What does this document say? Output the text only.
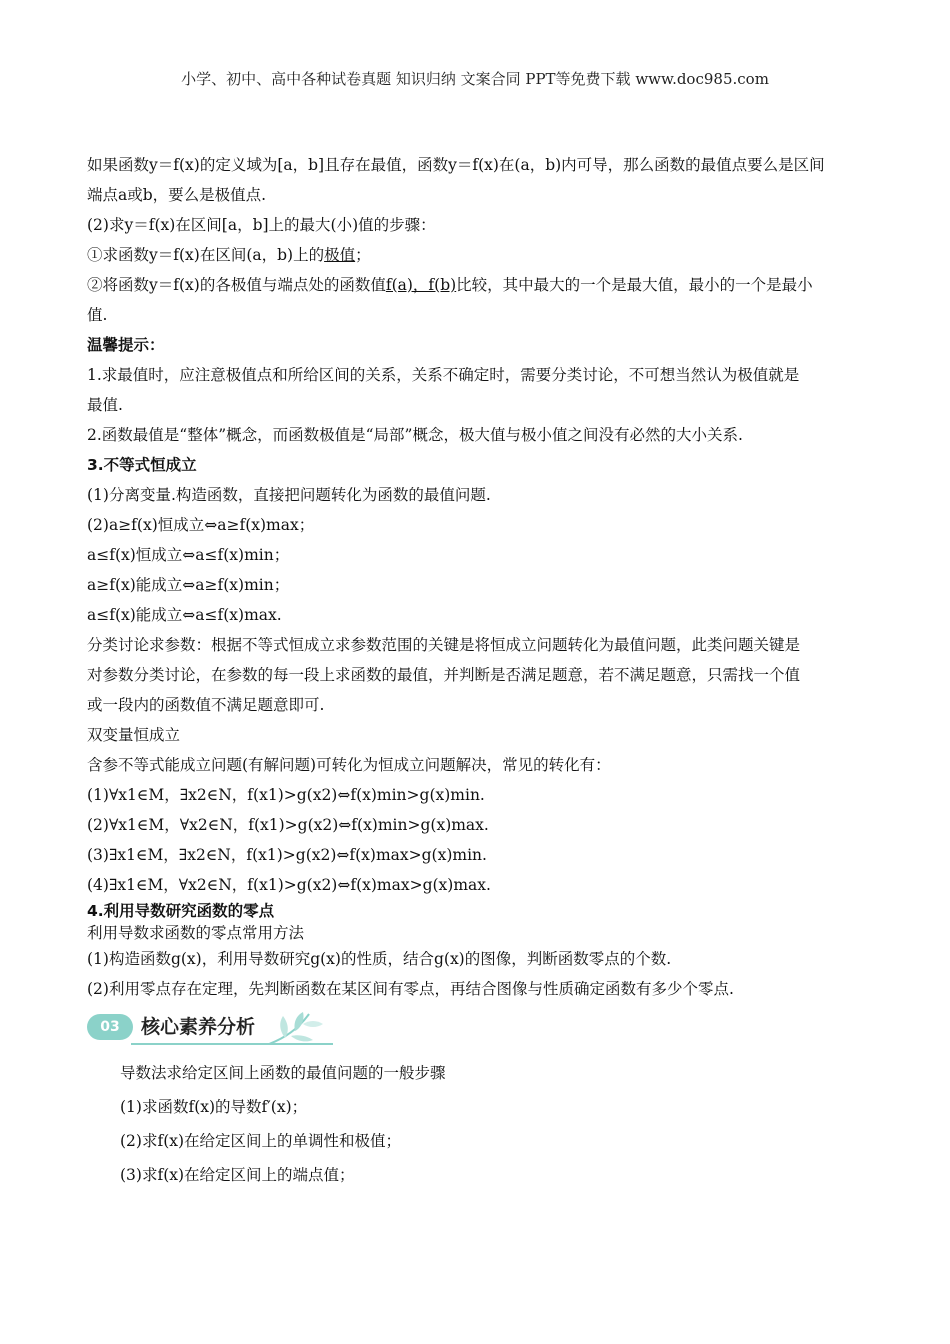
小学、初中、高中各种试卷真题 知识归纳 文案合同 PPT等免费下载 www.doc985.com

如果函数y＝f(x)的定义域为[a，b]且存在最值，函数y＝f(x)在(a，b)内可导，那么函数的最值点要么是区间

端点a或b，要么是极值点.

(2)求y＝f(x)在区间[a，b]上的最大(小)值的步骤：

①求函数y＝f(x)在区间(a，b)上的极值；

②将函数y＝f(x)的各极值与端点处的函数值f(a)，f(b)比较，其中最大的一个是最大值，最小的一个是最小

值.

温馨提示：

1.求最值时，应注意极值点和所给区间的关系，关系不确定时，需要分类讨论，不可想当然认为极值就是

最值.

2.函数最值是“整体”概念，而函数极值是“局部”概念，极大值与极小值之间没有必然的大小关系.

3.不等式恒成立

(1)分离变量.构造函数，直接把问题转化为函数的最值问题.

(2)a≥f(x)恒成立⇔a≥f(x)max；

a≤f(x)恒成立⇔a≤f(x)min；

a≥f(x)能成立⇔a≥f(x)min；

a≤f(x)能成立⇔a≤f(x)max.

分类讨论求参数：根据不等式恒成立求参数范围的关键是将恒成立问题转化为最值问题，此类问题关键是

对参数分类讨论，在参数的每一段上求函数的最值，并判断是否满足题意，若不满足题意，只需找一个值

或一段内的函数值不满足题意即可.

双变量恒成立

含参不等式能成立问题(有解问题)可转化为恒成立问题解决，常见的转化有：

(1)∀x1∈M，∃x2∈N，f(x1)>g(x2)⇔f(x)min>g(x)min.

(2)∀x1∈M，∀x2∈N，f(x1)>g(x2)⇔f(x)min>g(x)max.

(3)∃x1∈M，∃x2∈N，f(x1)>g(x2)⇔f(x)max>g(x)min.

(4)∃x1∈M，∀x2∈N，f(x1)>g(x2)⇔f(x)max>g(x)max.

4.利用导数研究函数的零点

利用导数求函数的零点常用方法

(1)构造函数g(x)，利用导数研究g(x)的性质，结合g(x)的图像，判断函数零点的个数.

(2)利用零点存在定理，先判断函数在某区间有零点，再结合图像与性质确定函数有多少个零点.

03	核心素养分析

导数法求给定区间上函数的最值问题的一般步骤

(1)求函数f(x)的导数f′(x)；

(2)求f(x)在给定区间上的单调性和极值；

(3)求f(x)在给定区间上的端点值；
